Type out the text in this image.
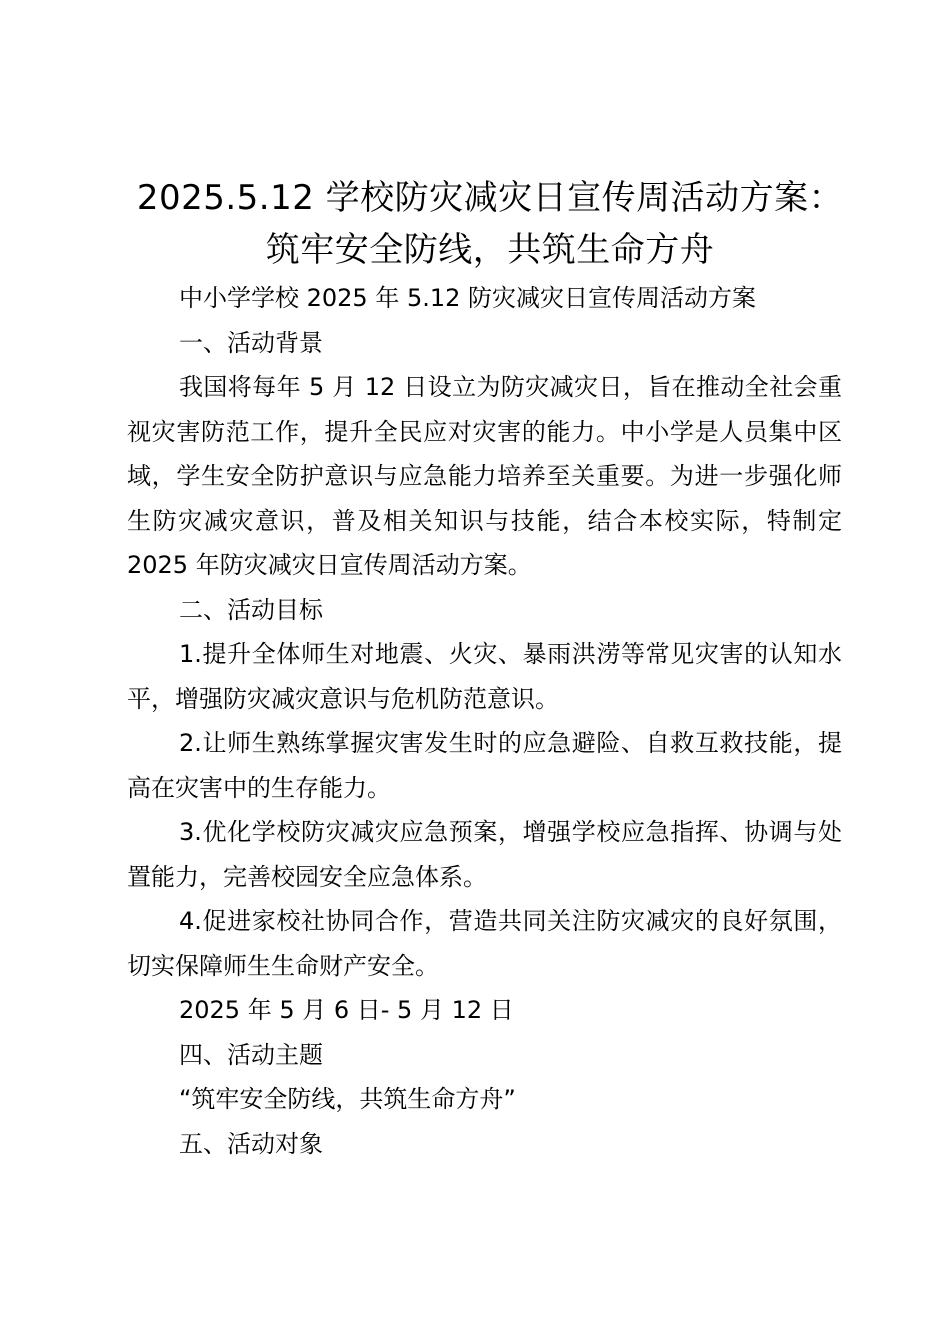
2025.5.12 学校防灾减灾日宣传周活动方案：
筑牢安全防线，共筑生命方舟

中小学学校 2025 年 5.12 防灾减灾日宣传周活动方案

一、活动背景

我国将每年 5 月 12 日设立为防灾减灾日，旨在推动全社会重视灾害防范工作，提升全民应对灾害的能力。中小学是人员集中区域，学生安全防护意识与应急能力培养至关重要。为进一步强化师生防灾减灾意识，普及相关知识与技能，结合本校实际，特制定 2025 年防灾减灾日宣传周活动方案。

二、活动目标

1.提升全体师生对地震、火灾、暴雨洪涝等常见灾害的认知水平，增强防灾减灾意识与危机防范意识。

2.让师生熟练掌握灾害发生时的应急避险、自救互救技能，提高在灾害中的生存能力。

3.优化学校防灾减灾应急预案，增强学校应急指挥、协调与处置能力，完善校园安全应急体系。

4.促进家校社协同合作，营造共同关注防灾减灾的良好氛围，切实保障师生生命财产安全。

2025 年 5 月 6 日- 5 月 12 日

四、活动主题

“筑牢安全防线，共筑生命方舟”

五、活动对象
